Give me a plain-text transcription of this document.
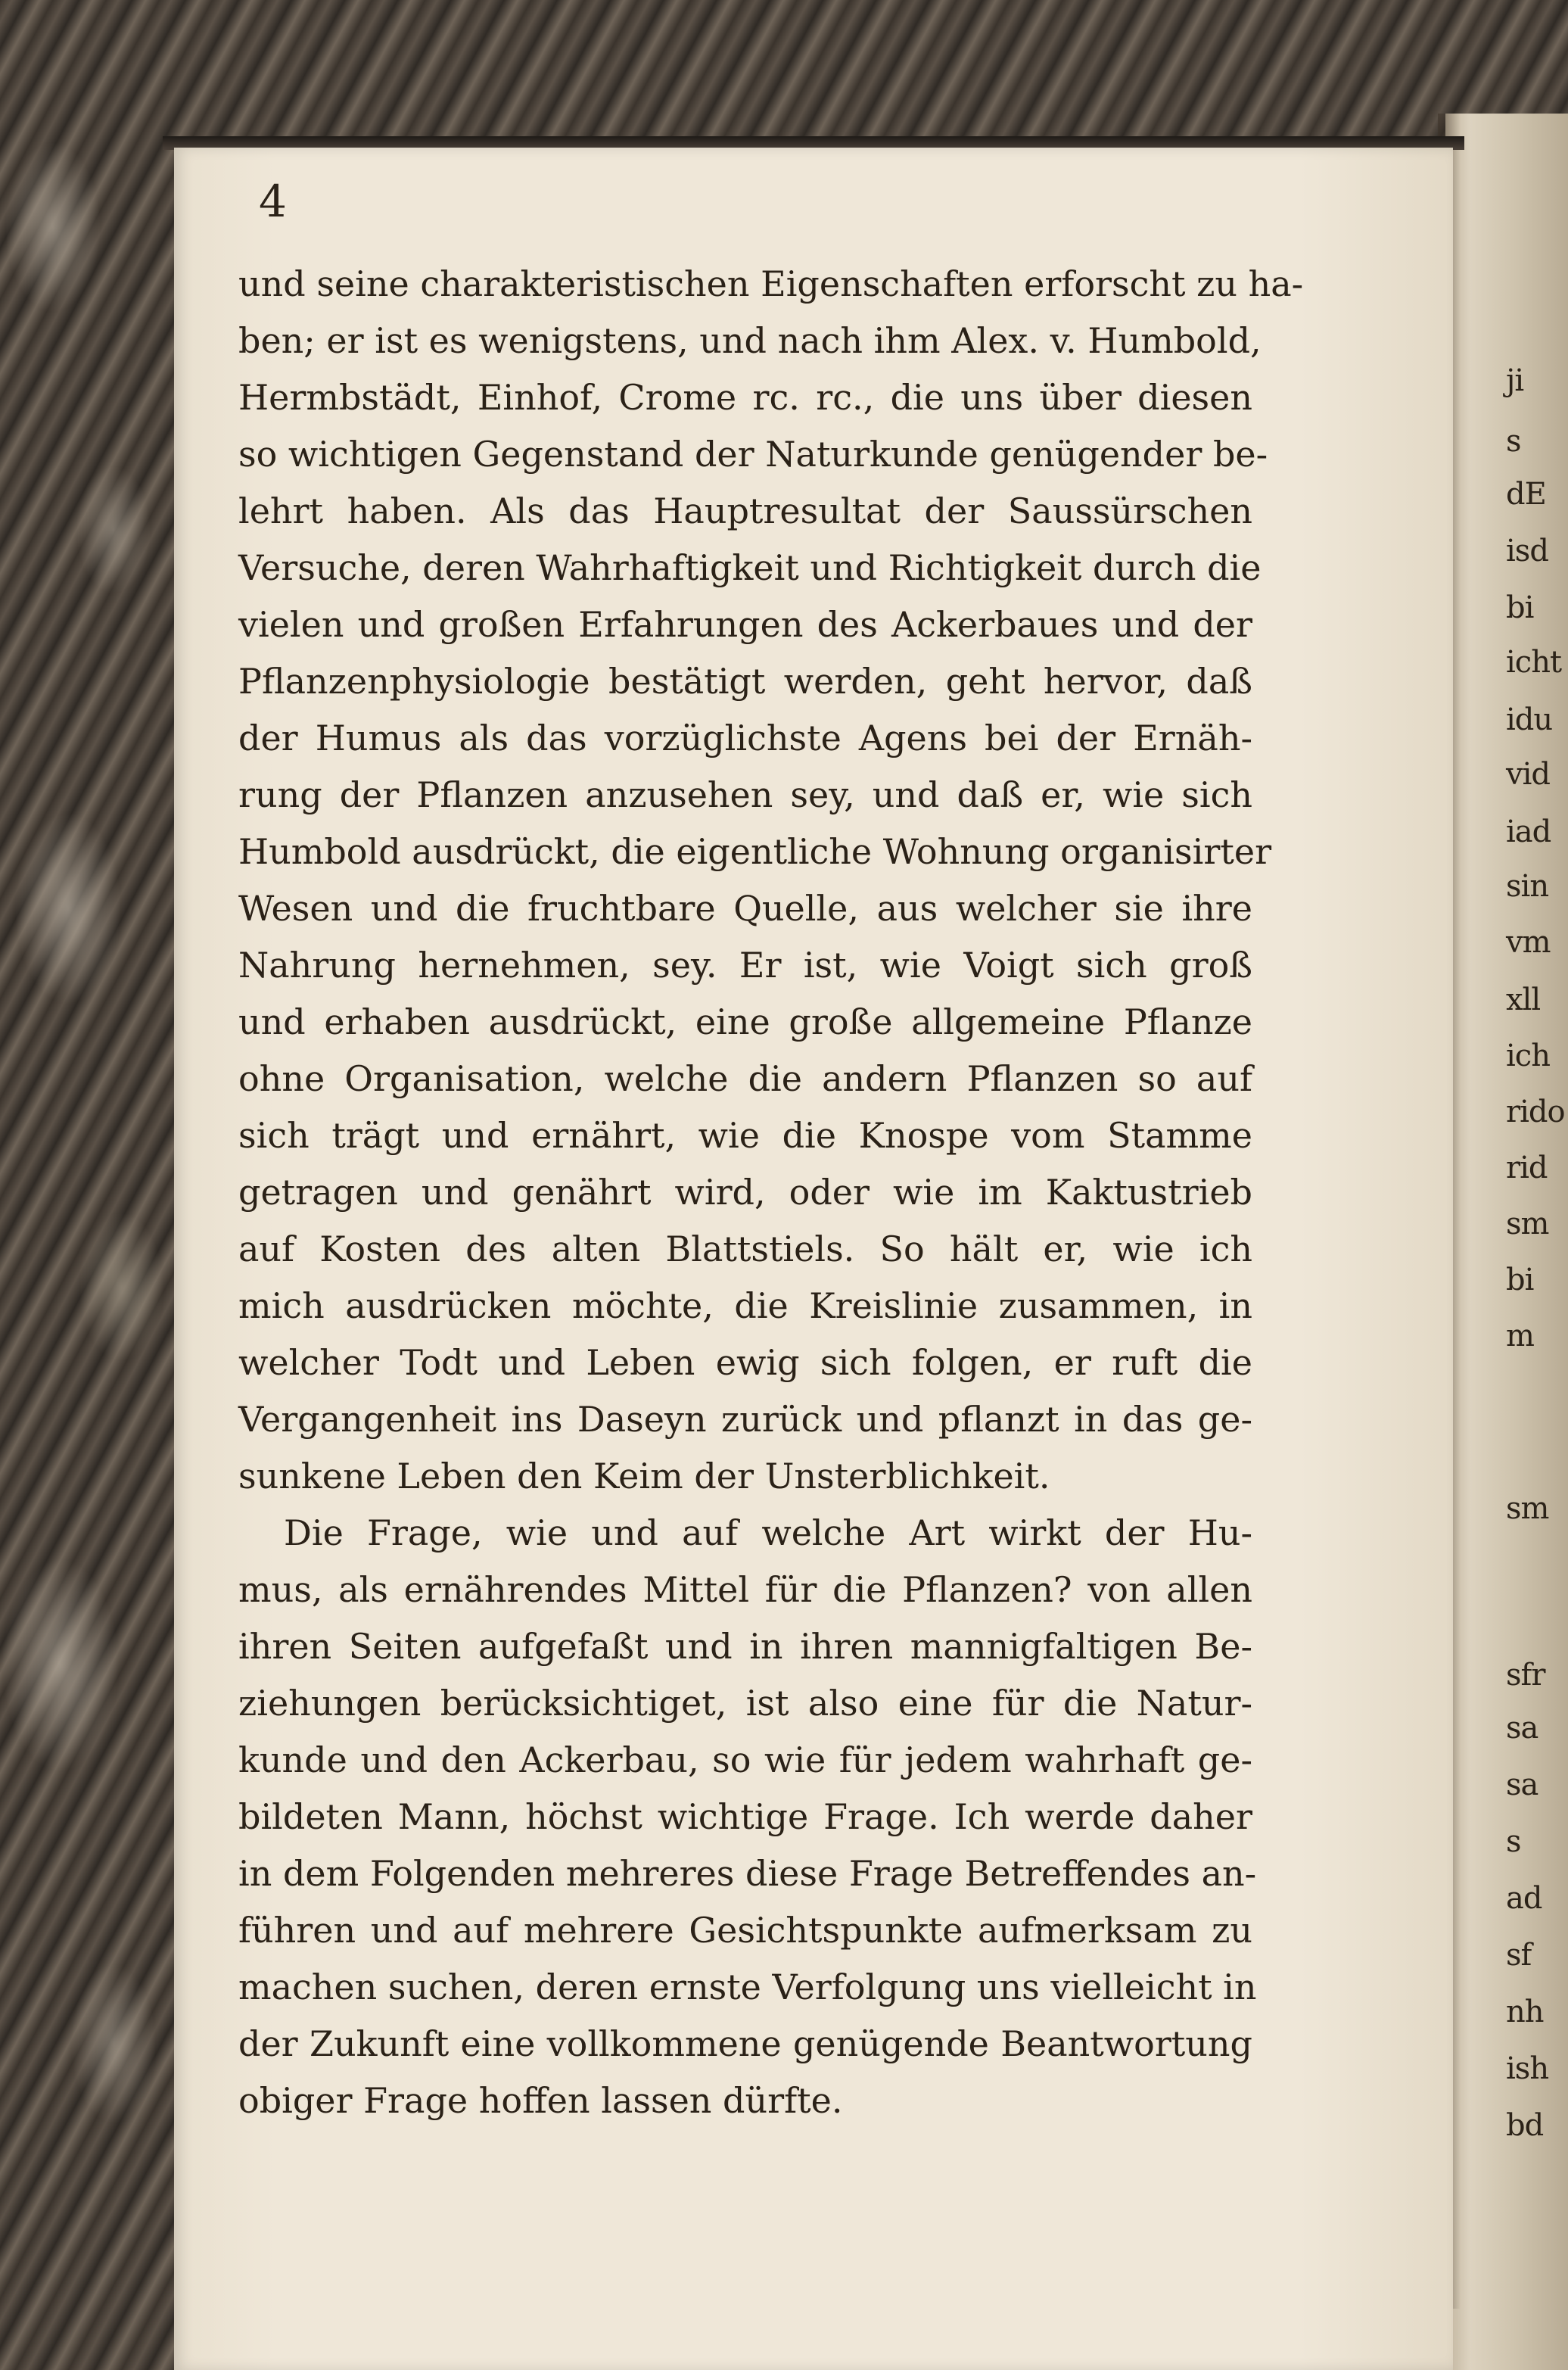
ji
s
dE
isd
bi
icht
idu
vid
iad
sin
vm
xll
ich
rido
rid
sm
bi
m
sm
sfr
sa
sa
s
ad
sf
nh
ish
bd
4
und seine charakteristischen Eigenschaften erforscht zu ha-
ben; er ist es wenigstens, und nach ihm Alex. v. Humbold,
Hermbstädt, Einhof, Crome rc. rc., die uns über diesen
so wichtigen Gegenstand der Naturkunde genügender be-
lehrt haben. Als das Hauptresultat der Saussürschen
Versuche, deren Wahrhaftigkeit und Richtigkeit durch die
vielen und großen Erfahrungen des Ackerbaues und der
Pflanzenphysiologie bestätigt werden, geht hervor, daß
der Humus als das vorzüglichste Agens bei der Ernäh-
rung der Pflanzen anzusehen sey, und daß er, wie sich
Humbold ausdrückt, die eigentliche Wohnung organisirter
Wesen und die fruchtbare Quelle, aus welcher sie ihre
Nahrung hernehmen, sey. Er ist, wie Voigt sich groß
und erhaben ausdrückt, eine große allgemeine Pflanze
ohne Organisation, welche die andern Pflanzen so auf
sich trägt und ernährt, wie die Knospe vom Stamme
getragen und genährt wird, oder wie im Kaktustrieb
auf Kosten des alten Blattstiels. So hält er, wie ich
mich ausdrücken möchte, die Kreislinie zusammen, in
welcher Todt und Leben ewig sich folgen, er ruft die
Vergangenheit ins Daseyn zurück und pflanzt in das ge-
sunkene Leben den Keim der Unsterblichkeit.
Die Frage, wie und auf welche Art wirkt der Hu-
mus, als ernährendes Mittel für die Pflanzen? von allen
ihren Seiten aufgefaßt und in ihren mannigfaltigen Be-
ziehungen berücksichtiget, ist also eine für die Natur-
kunde und den Ackerbau, so wie für jedem wahrhaft ge-
bildeten Mann, höchst wichtige Frage. Ich werde daher
in dem Folgenden mehreres diese Frage Betreffendes an-
führen und auf mehrere Gesichtspunkte aufmerksam zu
machen suchen, deren ernste Verfolgung uns vielleicht in
der Zukunft eine vollkommene genügende Beantwortung
obiger Frage hoffen lassen dürfte.
